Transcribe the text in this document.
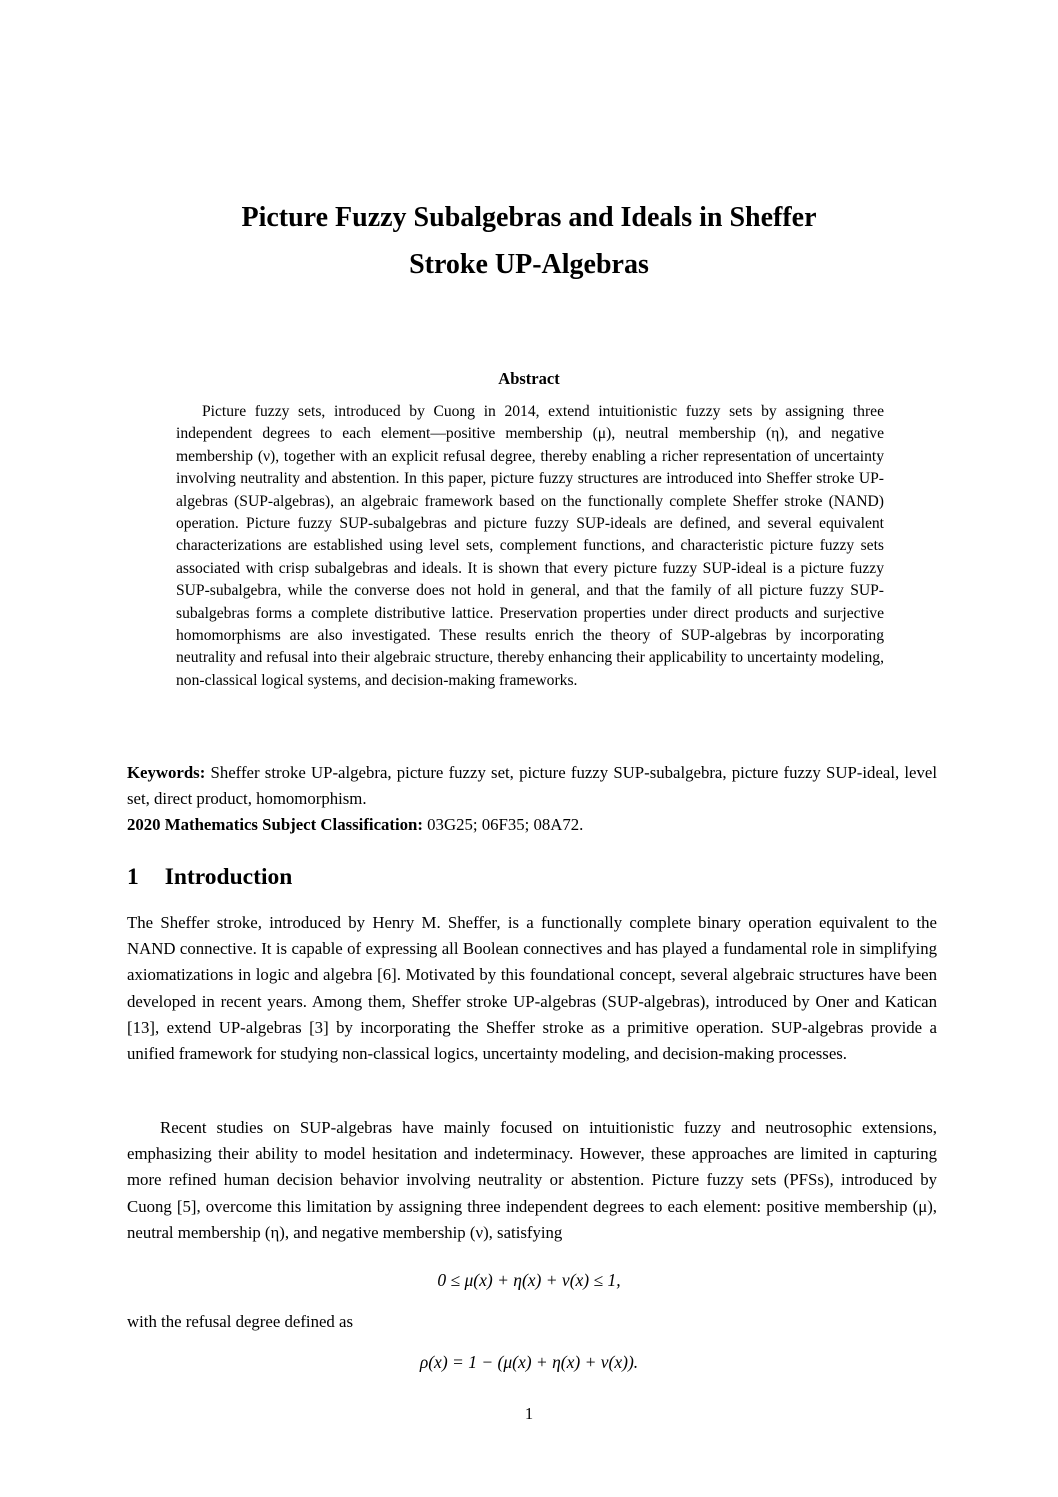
Picture Fuzzy Subalgebras and Ideals in Sheffer
Stroke UP-Algebras
Abstract
Picture fuzzy sets, introduced by Cuong in 2014, extend intuitionistic fuzzy sets by assigning three independent degrees to each element—positive membership (μ), neutral membership (η), and negative membership (ν), together with an explicit refusal degree, thereby enabling a richer representation of uncertainty involving neutrality and abstention. In this paper, picture fuzzy structures are introduced into Sheffer stroke UP-algebras (SUP-algebras), an algebraic framework based on the functionally complete Sheffer stroke (NAND) operation. Picture fuzzy SUP-subalgebras and picture fuzzy SUP-ideals are defined, and several equivalent characterizations are established using level sets, complement functions, and characteristic picture fuzzy sets associated with crisp subalgebras and ideals. It is shown that every picture fuzzy SUP-ideal is a picture fuzzy SUP-subalgebra, while the converse does not hold in general, and that the family of all picture fuzzy SUP-subalgebras forms a complete distributive lattice. Preservation properties under direct products and surjective homomorphisms are also investigated. These results enrich the theory of SUP-algebras by incorporating neutrality and refusal into their algebraic structure, thereby enhancing their applicability to uncertainty modeling, non-classical logical systems, and decision-making frameworks.
Keywords: Sheffer stroke UP-algebra, picture fuzzy set, picture fuzzy SUP-subalgebra, picture fuzzy SUP-ideal, level set, direct product, homomorphism.
2020 Mathematics Subject Classification: 03G25; 06F35; 08A72.
1 Introduction
The Sheffer stroke, introduced by Henry M. Sheffer, is a functionally complete binary operation equivalent to the NAND connective. It is capable of expressing all Boolean connectives and has played a fundamental role in simplifying axiomatizations in logic and algebra [6]. Motivated by this foundational concept, several algebraic structures have been developed in recent years. Among them, Sheffer stroke UP-algebras (SUP-algebras), introduced by Oner and Katican [13], extend UP-algebras [3] by incorporating the Sheffer stroke as a primitive operation. SUP-algebras provide a unified framework for studying non-classical logics, uncertainty modeling, and decision-making processes.
Recent studies on SUP-algebras have mainly focused on intuitionistic fuzzy and neutrosophic extensions, emphasizing their ability to model hesitation and indeterminacy. However, these approaches are limited in capturing more refined human decision behavior involving neutrality or abstention. Picture fuzzy sets (PFSs), introduced by Cuong [5], overcome this limitation by assigning three independent degrees to each element: positive membership (μ), neutral membership (η), and negative membership (ν), satisfying
0 ≤ μ(x) + η(x) + ν(x) ≤ 1,
with the refusal degree defined as
ρ(x) = 1 − (μ(x) + η(x) + ν(x)).
1
